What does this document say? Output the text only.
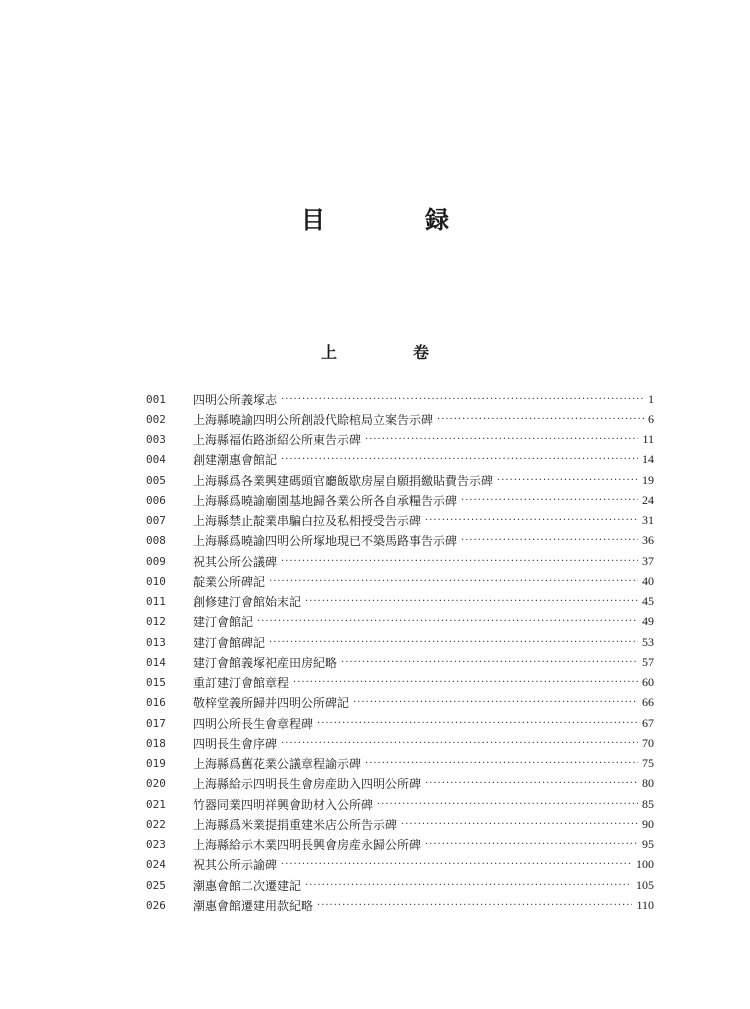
目　録
上　卷
001	四明公所義塚志 ·····	1
002	上海縣曉諭四明公所創設代賒棺局立案告示碑 ·····	6
003	上海縣福佑路浙紹公所東告示碑 ·····	11
004	創建潮惠會館記 ·····	14
005	上海縣爲各業興建碼頭官廳飯歇房屋自願捐繳貼費告示碑 ·····	19
006	上海縣爲曉諭廟園基地歸各業公所各自承糧告示碑 ·····	24
007	上海縣禁止靛業串騙白拉及私相授受告示碑 ·····	31
008	上海縣爲曉諭四明公所塚地現已不築馬路事告示碑 ·····	36
009	祝其公所公議碑 ·····	37
010	靛業公所碑記 ·····	40
011	創修建汀會館始末記 ·····	45
012	建汀會館記 ·····	49
013	建汀會館碑記 ·····	53
014	建汀會館義塚祀産田房紀略 ·····	57
015	重訂建汀會館章程 ·····	60
016	敬梓堂義所歸并四明公所碑記 ·····	66
017	四明公所長生會章程碑 ·····	67
018	四明長生會序碑 ·····	70
019	上海縣爲舊花業公議章程諭示碑 ·····	75
020	上海縣給示四明長生會房産助入四明公所碑 ·····	80
021	竹器同業四明祥興會助材入公所碑 ·····	85
022	上海縣爲米業提捐重建米店公所告示碑 ·····	90
023	上海縣給示木業四明長興會房産永歸公所碑 ·····	95
024	祝其公所示諭碑 ·····	100
025	潮惠會館二次遷建記 ·····	105
026	潮惠會館遷建用款紀略 ·····	110
